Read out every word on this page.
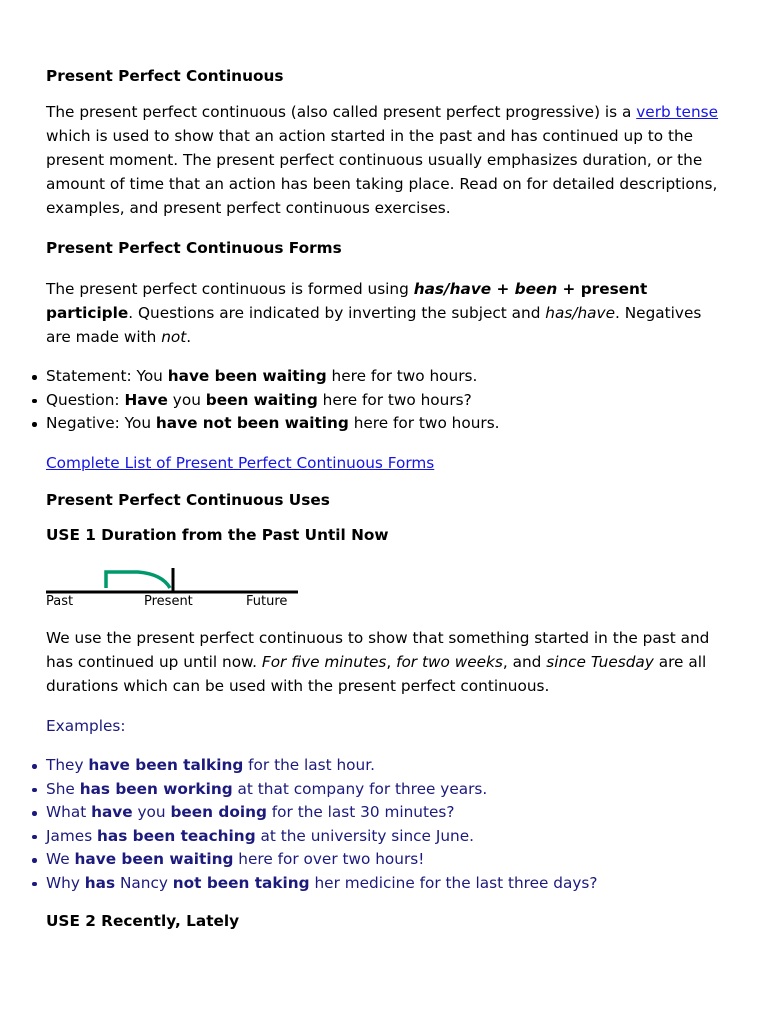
Present Perfect Continuous

The present perfect continuous (also called present perfect progressive) is a verb tense which is used to show that an action started in the past and has continued up to the present moment. The present perfect continuous usually emphasizes duration, or the amount of time that an action has been taking place. Read on for detailed descriptions, examples, and present perfect continuous exercises.

Present Perfect Continuous Forms

The present perfect continuous is formed using has/have + been + present participle. Questions are indicated by inverting the subject and has/have. Negatives are made with not.

Statement: You have been waiting here for two hours.
Question: Have you been waiting here for two hours?
Negative: You have not been waiting here for two hours.
Complete List of Present Perfect Continuous Forms
Present Perfect Continuous Uses
USE 1 Duration from the Past Until Now
Past	Present	Future

We use the present perfect continuous to show that something started in the past and has continued up until now. For five minutes, for two weeks, and since Tuesday are all durations which can be used with the present perfect continuous.

Examples:

They have been talking for the last hour.
She has been working at that company for three years.
What have you been doing for the last 30 minutes?
James has been teaching at the university since June.
We have been waiting here for over two hours!
Why has Nancy not been taking her medicine for the last three days?
USE 2 Recently, Lately
